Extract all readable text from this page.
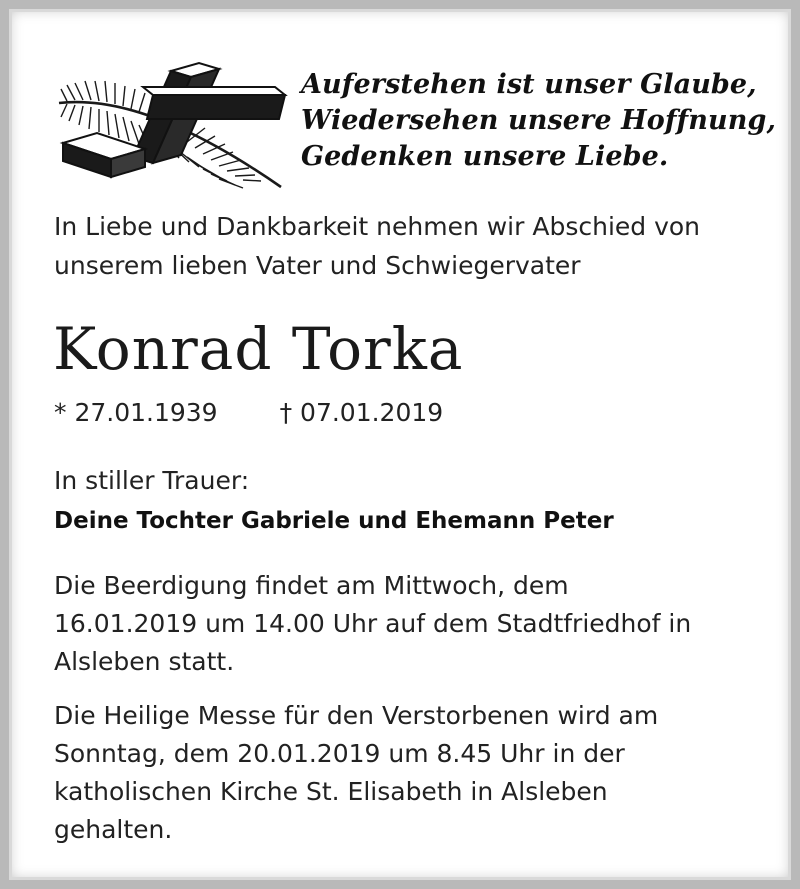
Auferstehen ist unser Glaube,
Wiedersehen unsere Hoffnung,
Gedenken unsere Liebe.
In Liebe und Dankbarkeit nehmen wir Abschied von
unserem lieben Vater und Schwiegervater
Konrad Torka
* 27.01.1939 † 07.01.2019
In stiller Trauer:
Deine Tochter Gabriele und Ehemann Peter
Die Beerdigung findet am Mittwoch, dem
16.01.2019 um 14.00 Uhr auf dem Stadtfriedhof in
Alsleben statt.
Die Heilige Messe für den Verstorbenen wird am
Sonntag, dem 20.01.2019 um 8.45 Uhr in der
katholischen Kirche St. Elisabeth in Alsleben
gehalten.
